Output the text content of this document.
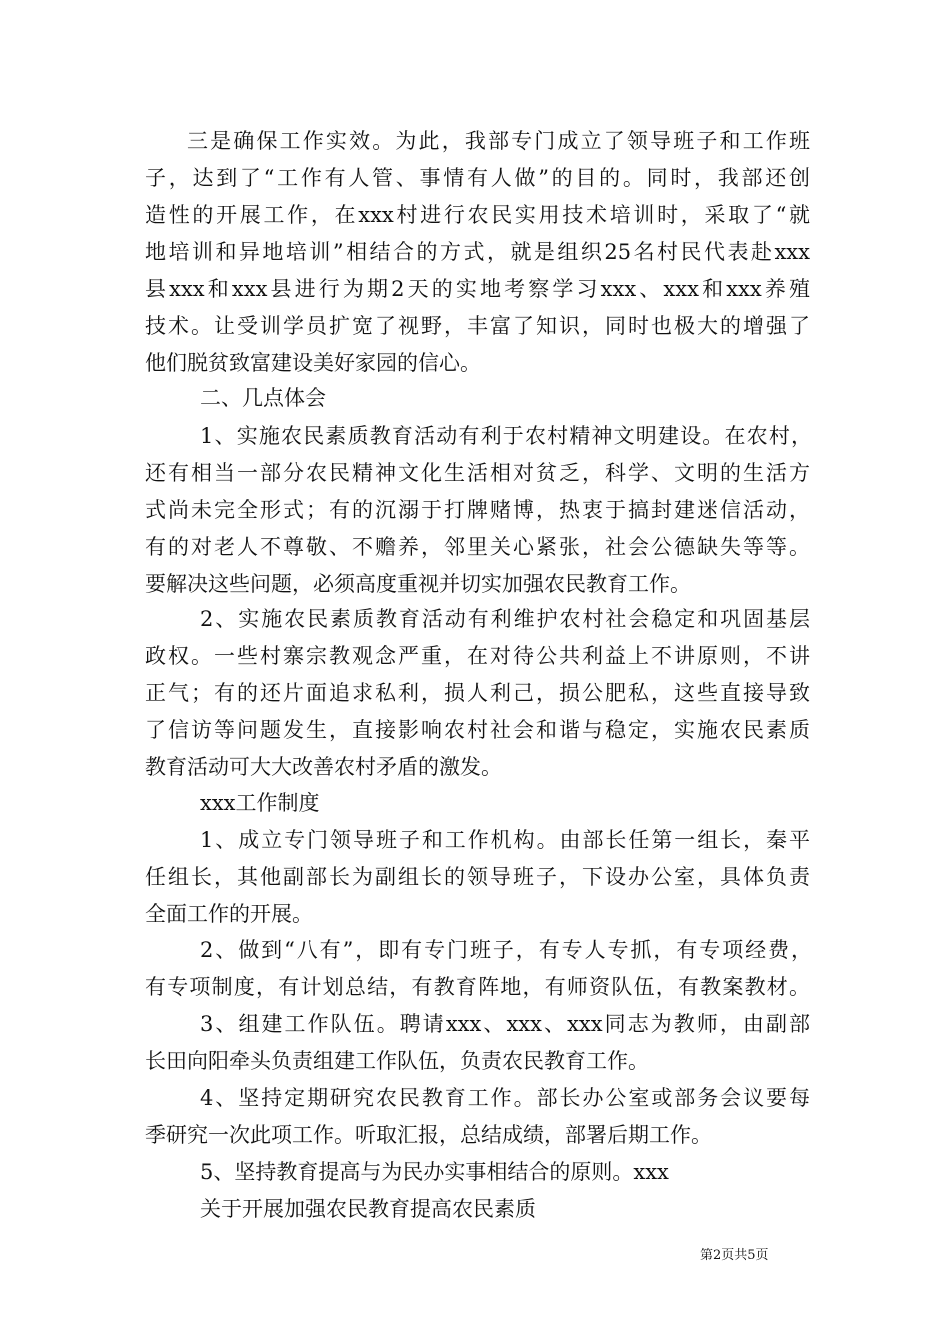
三是确保工作实效。为此，我部专门成立了领导班子和工作班
子，达到了“工作有人管、事情有人做”的目的。同时，我部还创
造性的开展工作，在xxx村进行农民实用技术培训时，采取了“就
地培训和异地培训”相结合的方式，就是组织25名村民代表赴xxx
县xxx和xxx县进行为期2天的实地考察学习xxx、xxx和xxx养殖
技术。让受训学员扩宽了视野，丰富了知识，同时也极大的增强了
他们脱贫致富建设美好家园的信心。
二、几点体会
1、实施农民素质教育活动有利于农村精神文明建设。在农村，
还有相当一部分农民精神文化生活相对贫乏，科学、文明的生活方
式尚未完全形式；有的沉溺于打牌赌博，热衷于搞封建迷信活动，
有的对老人不尊敬、不赡养，邻里关心紧张，社会公德缺失等等。
要解决这些问题，必须高度重视并切实加强农民教育工作。
2、实施农民素质教育活动有利维护农村社会稳定和巩固基层
政权。一些村寨宗教观念严重，在对待公共利益上不讲原则，不讲
正气；有的还片面追求私利，损人利己，损公肥私，这些直接导致
了信访等问题发生，直接影响农村社会和谐与稳定，实施农民素质
教育活动可大大改善农村矛盾的激发。
xxx工作制度
1、成立专门领导班子和工作机构。由部长任第一组长，秦平
任组长，其他副部长为副组长的领导班子，下设办公室，具体负责
全面工作的开展。
2、做到“八有”，即有专门班子，有专人专抓，有专项经费，
有专项制度，有计划总结，有教育阵地，有师资队伍，有教案教材。
3、组建工作队伍。聘请xxx、xxx、xxx同志为教师，由副部
长田向阳牵头负责组建工作队伍，负责农民教育工作。
4、坚持定期研究农民教育工作。部长办公室或部务会议要每
季研究一次此项工作。听取汇报，总结成绩，部署后期工作。
5、坚持教育提高与为民办实事相结合的原则。xxx
关于开展加强农民教育提高农民素质
第2页共5页
